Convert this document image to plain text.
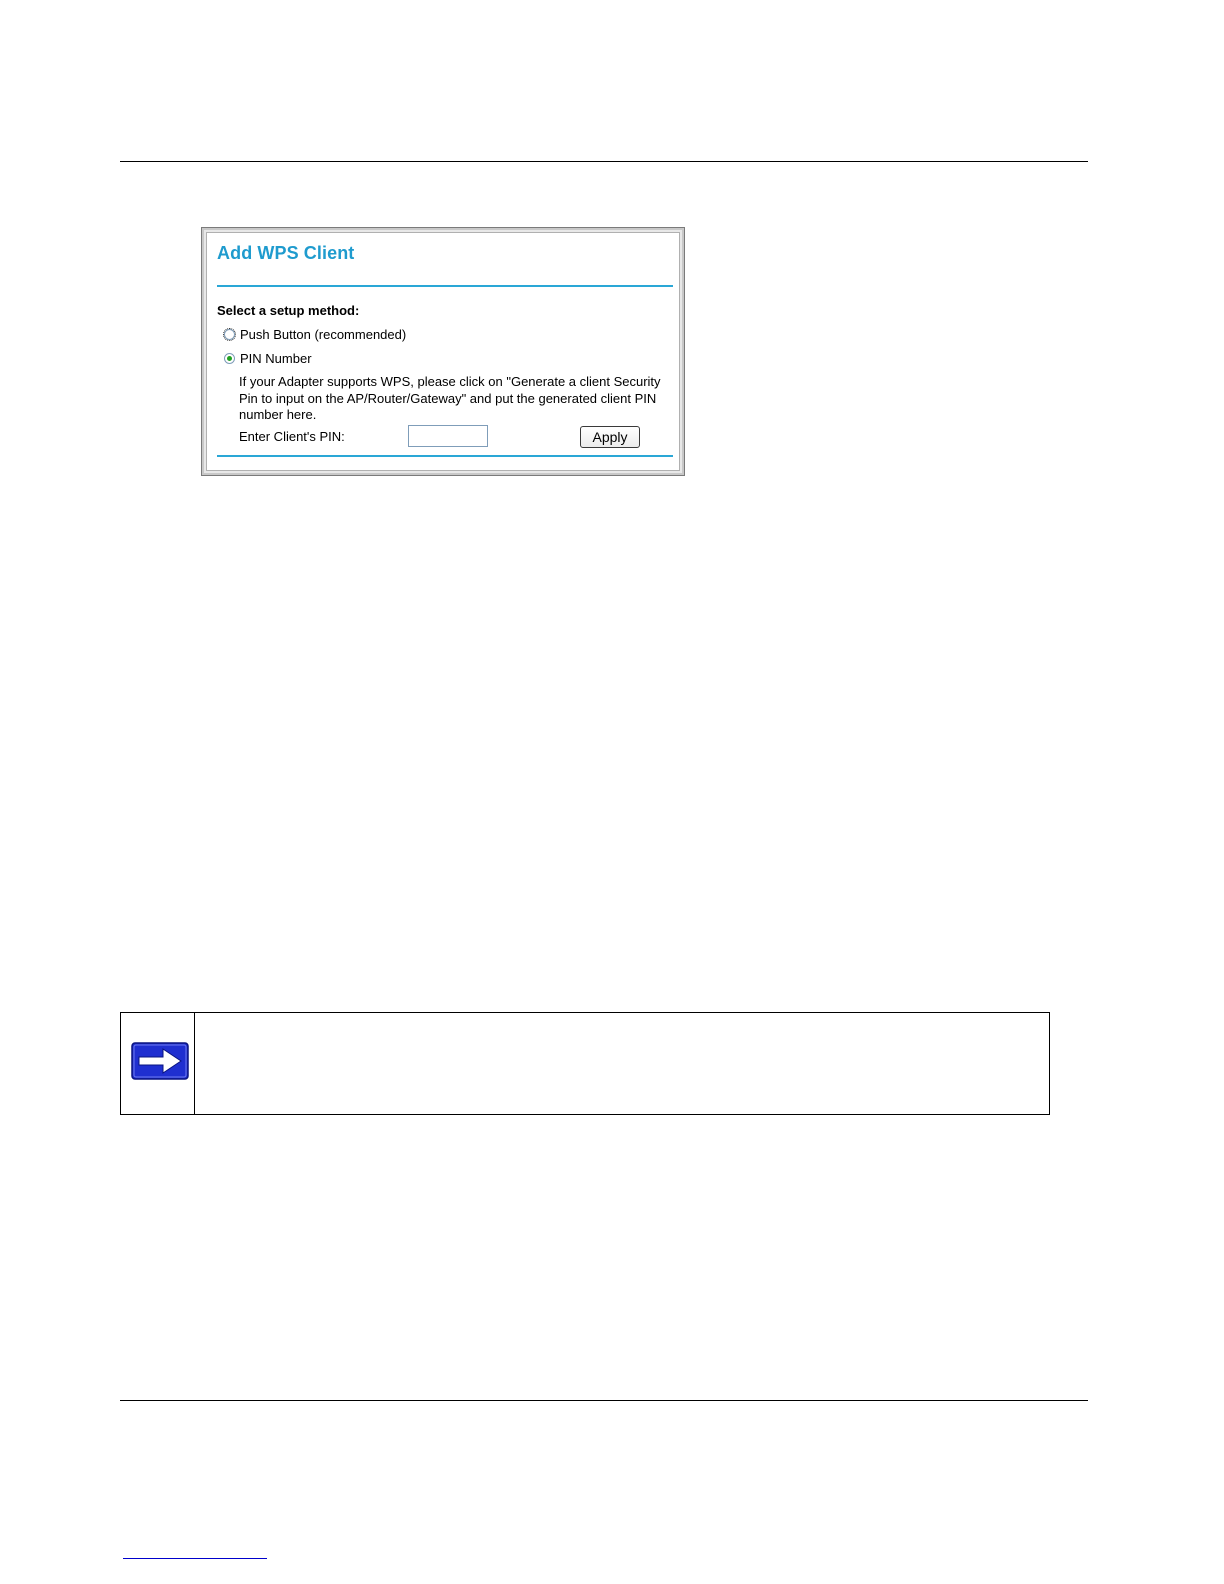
Add WPS Client
Select a setup method:
Push Button (recommended)
PIN Number
If your Adapter supports WPS, please click on "Generate a client Security
Pin to input on the AP/Router/Gateway" and put the generated client PIN
number here.
Enter Client's PIN:	Apply
